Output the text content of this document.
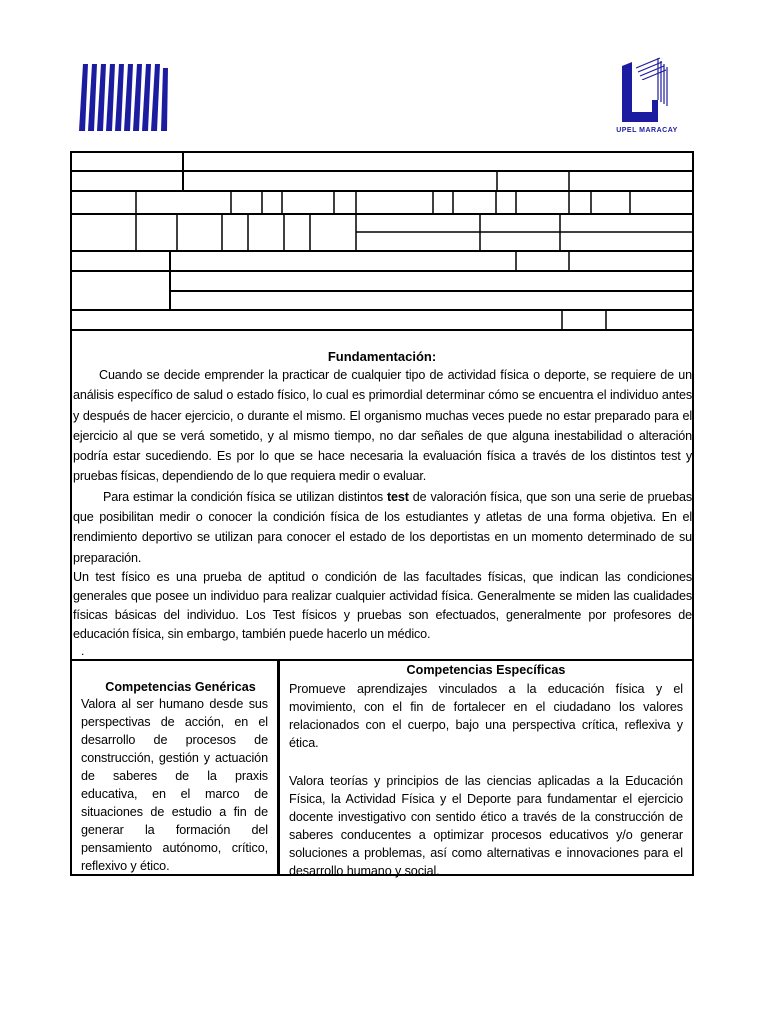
UPEL MARACAY
Fundamentación:

Cuando se decide emprender la practicar de cualquier tipo de actividad física o deporte, se requiere de un análisis específico de salud o estado físico, lo cual es primordial determinar cómo se encuentra el individuo antes y después de hacer ejercicio, o durante el mismo. El organismo muchas veces puede no estar preparado para el ejercicio al que se verá sometido, y al mismo tiempo, no dar señales de que alguna inestabilidad o alteración podría estar sucediendo. Es por lo que se hace necesaria la evaluación física a través de los distintos test y pruebas físicas, dependiendo de lo que requiera medir o evaluar.

Para estimar la condición física se utilizan distintos test de valoración física, que son una serie de pruebas que posibilitan medir o conocer la condición física de los estudiantes y atletas de una forma objetiva. En el rendimiento deportivo se utilizan para conocer el estado de los deportistas en un momento determinado de su preparación.

Un test físico es una prueba de aptitud o condición de las facultades físicas, que indican las condiciones generales que posee un individuo para realizar cualquier actividad física. Generalmente se miden las cualidades físicas básicas del individuo. Los Test físicos y pruebas son efectuados, generalmente por profesores de educación física, sin embargo, también puede hacerlo un médico.

.
Competencias Genéricas
Valora al ser humano desde sus perspectivas de acción, en el desarrollo de procesos de construcción, gestión y actuación de saberes de la praxis educativa, en el marco de situaciones de estudio a fin de generar la formación del pensamiento autónomo, crítico, reflexivo y ético.
Competencias Específicas
Promueve aprendizajes vinculados a la educación física y el movimiento, con el fin de fortalecer en el ciudadano los valores relacionados con el cuerpo, bajo una perspectiva crítica, reflexiva y ética.
Valora teorías y principios de las ciencias aplicadas a la Educación Física, la Actividad Física y el Deporte para fundamentar el ejercicio docente investigativo con sentido ético a través de la construcción de saberes conducentes a optimizar procesos educativos y/o generar soluciones a problemas, así como alternativas e innovaciones para el desarrollo humano y social.
